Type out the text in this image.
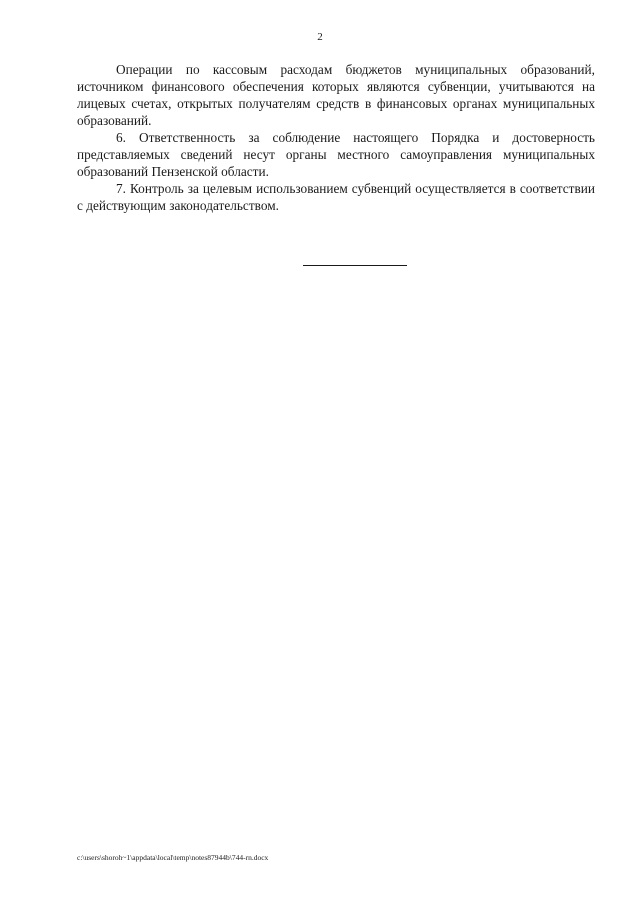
2

Операции по кассовым расходам бюджетов муниципальных образований, источником финансового обеспечения которых являются субвенции, учитываются на лицевых счетах, открытых получателям средств в финансовых органах муниципальных образований.

6. Ответственность за соблюдение настоящего Порядка и достоверность представляемых сведений несут органы местного самоуправления муниципальных образований Пензенской области.

7. Контроль за целевым использованием субвенций осуществляется в соответствии с действующим законодательством.

c:\users\shoroh~1\appdata\local\temp\notes87944b\744-rn.docx
